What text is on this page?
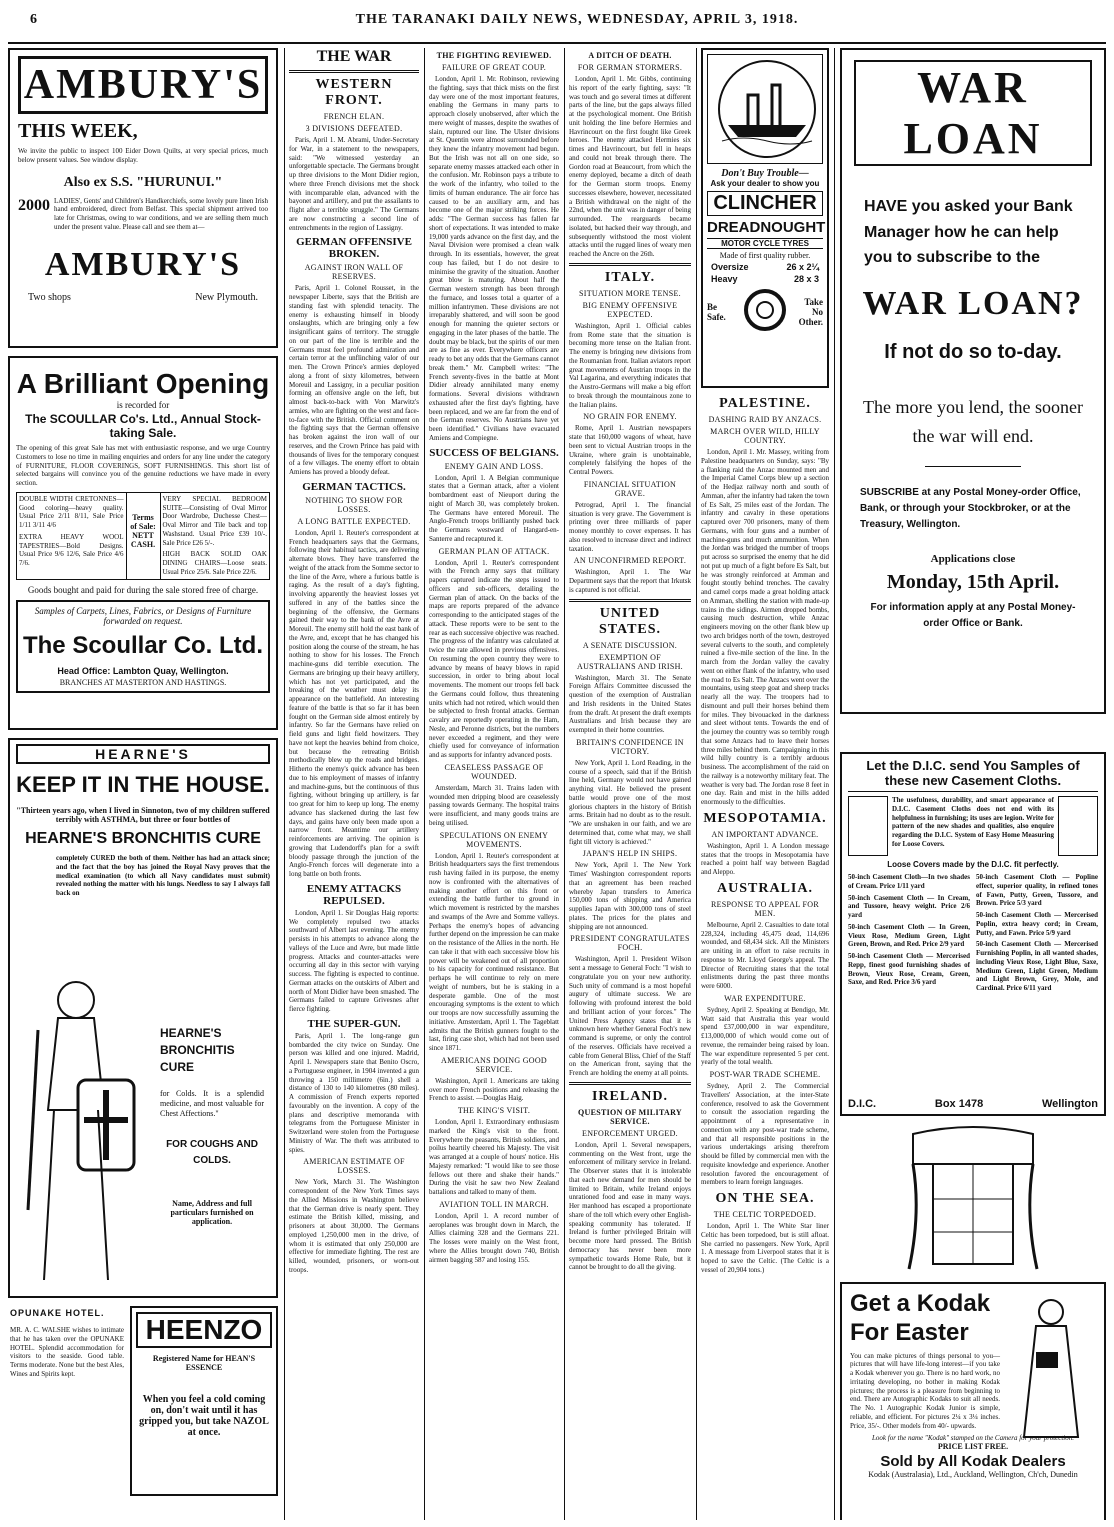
6	THE TARANAKI DAILY NEWS, WEDNESDAY, APRIL 3, 1918.
AMBURY'S
THIS WEEK,
We invite the public to inspect 100 Eider Down Quilts, at very special prices, much below present values. See window display.
Also ex S.S. "HURUNUI."
2000 LADIES', Gents' and Children's Handkerchiefs, some lovely pure linen Irish hand embroidered, direct from Belfast. This special shipment arrived too late for Christmas, owing to war conditions, and we are selling them much under the present value. Please call and see them at—
AMBURY'S
Two shops	New Plymouth.
A Brilliant Opening
is recorded for
The SCOULLAR Co's. Ltd., Annual Stock-taking Sale.
The opening of this great Sale has met with enthusiastic response, and we urge Country Customers to lose no time in mailing enquiries and orders for any line under the category of FURNITURE, FLOOR COVERINGS, SOFT FURNISHINGS. This short list of selected bargains will convince you of the genuine reductions we have made in every section.
DOUBLE WIDTH CRETONNES—Good coloring—heavy quality. Usual Price 2/11 8/11, Sale Price 1/11 3/11 4/6
EXTRA HEAVY WOOL TAPESTRIES—Bold Designs. Usual Price 9/6 12/6, Sale Price 4/6 7/6.
Terms of Sale: NETT CASH.
VERY SPECIAL BEDROOM SUITE—Consisting of Oval Mirror Door Wardrobe, Duchesse Chest—Oval Mirror and Tile back and top Washstand. Usual Price £39 10/-. Sale Price £26 5/-.
HIGH BACK SOLID OAK DINING CHAIRS—Loose seats. Usual Price 25/6. Sale Price 22/6.
Goods bought and paid for during the sale stored free of charge.
Samples of Carpets, Lines, Fabrics, or Designs of Furniture forwarded on request.
The Scoullar Co. Ltd.
Head Office: Lambton Quay, Wellington.
BRANCHES AT MASTERTON AND HASTINGS.
HEARNE'S
KEEP IT IN THE HOUSE.
"Thirteen years ago, when I lived in Sinnoton, two of my children suffered terribly with ASTHMA, but three or four bottles of
HEARNE'S BRONCHITIS CURE
completely CURED the both of them. Neither has had an attack since; and the fact that the boy has joined the Royal Navy proves that the medical examination (to which all Navy candidates must submit) revealed nothing the matter with his lungs. Needless to say I always fall back on
HEARNE'S BRONCHITIS CURE
for Colds. It is a splendid medicine, and most valuable for Chest Affections."
FOR COUGHS AND COLDS.
Name, Address and full particulars furnished on application.
OPUNAKE HOTEL.
MR. A. C. WALSHE wishes to intimate that he has taken over the OPUNAKE HOTEL. Splendid accommodation for visitors to the seaside. Good table. Terms moderate. None but the best Ales, Wines and Spirits kept.
HEENZO
Registered Name for HEAN'S ESSENCE
When you feel a cold coming on, don't wait until it has gripped you, but take NAZOL at once.
THE WAR
WESTERN FRONT.
FRENCH ELAN.
3 DIVISIONS DEFEATED.

Paris, April 1. M. Abrami, Under-Secretary for War, in a statement to the newspapers, said: "We witnessed yesterday an unforgettable spectacle. The Germans brought up three divisions to the Mont Didier region, where three French divisions met the shock with incomparable elan, advanced with the bayonet and artillery, and put the assailants to flight after a terrible struggle." The Germans are now constructing a second line of entrenchments in the region of Lassigny.

GERMAN OFFENSIVE BROKEN.
AGAINST IRON WALL OF RESERVES.

Paris, April 1. Colonel Rousset, in the newspaper Liberte, says that the British are standing fast with splendid tenacity. The enemy is exhausting himself in bloody onslaughts, which are bringing only a few insignificant gains of territory. The struggle on our part of the line is terrible and the Germans must feel profound admiration and certain terror at the unflinching valor of our men. The Crown Prince's armies deployed along a front of sixty kilometres, between Moreuil and Lassigny, in a peculiar position forming an offensive angle on the left, but almost back-to-back with Von Marwitz's armies, who are fighting on the west and face-to-face with the British. Official comment on the fighting says that the German offensive has broken against the iron wall of our reserves, and the Crown Prince has paid with thousands of lives for the temporary conquest of a few villages. The enemy effort to obtain Amiens has proved a bloody defeat.

GERMAN TACTICS.
NOTHING TO SHOW FOR LOSSES.
A LONG BATTLE EXPECTED.

London, April 1. Reuter's correspondent at French headquarters says that the Germans, following their habitual tactics, are delivering alternate blows. They have transferred the weight of the attack from the Somme sector to the line of the Avre, where a furious battle is raging. As the result of a day's fighting, involving apparently the heaviest losses yet suffered in any of the battles since the beginning of the offensive, the Germans gained their way to the bank of the Avre at Moreuil. The enemy still hold the east bank of the Avre, and, except that he has changed his position along the course of the stream, he has nothing to show for his losses. The French machine-guns did terrible execution. The Germans are bringing up their heavy artillery, which has not yet participated, and the breaking of the weather must delay its appearance on the battlefield. An interesting feature of the battle is that so far it has been fought on the German side almost entirely by infantry. So far the Germans have relied on field guns and light field howitzers. They have not kept the heavies behind from choice, but because the retreating British methodically blew up the roads and bridges. Hitherto the enemy's quick advance has been due to his employment of masses of infantry and machine-guns, but the continuous of thus fighting, without bringing up artillery, is far too great for him to keep up long. The enemy advance has slackened during the last few days, and gains have only been made upon a narrow front. Meantime our artillery reinforcements are arriving. The opinion is growing that Ludendorff's plan for a swift bloody passage through the junction of the Anglo-French forces will degenerate into a long battle on both fronts.

ENEMY ATTACKS REPULSED.

London, April 1. Sir Douglas Haig reports: We completely repulsed two attacks southward of Albert last evening. The enemy persists in his attempts to advance along the valleys of the Luce and Avre, but made little progress. Attacks and counter-attacks were occurring all day in this sector with varying success. The fighting is expected to continue. German attacks on the outskirts of Albert and north of Mont Didier have been smashed. The Germans failed to capture Grivesnes after fierce fighting.

THE SUPER-GUN.

Paris, April 1. The long-range gun bombarded the city twice on Sunday. One person was killed and one injured. Madrid, April 1. Newspapers state that Benito Oscro, a Portuguese engineer, in 1904 invented a gun throwing a 150 millimetre (6in.) shell a distance of 130 to 140 kilometres (80 miles). A commission of French experts reported favourably on the invention. A copy of the plans and descriptive memoranda with telegrams from the Portuguese Minister in Switzerland were stolen from the Portuguese Ministry of War. The theft was attributed to spies.

AMERICAN ESTIMATE OF LOSSES.

New York, March 31. The Washington correspondent of the New York Times says the Allied Missions in Washington believe that the German drive is nearly spent. They estimate the British killed, missing, and prisoners at about 30,000. The Germans employed 1,250,000 men in the drive, of whom it is estimated that only 250,000 are effective for immediate fighting. The rest are killed, wounded, prisoners, or worn-out troops.

THE FIGHTING REVIEWED.
FAILURE OF GREAT COUP.

London, April 1. Mr. Robinson, reviewing the fighting, says that thick mists on the first day were one of the most important features, enabling the Germans in many parts to approach closely unobserved, after which the mere weight of masses, despite the swathes of slain, ruptured our line. The Ulster divisions at St. Quentin were almost surrounded before they knew the infantry movement had begun. But the Irish was not all on one side, so separate enemy masses attacked each other in the confusion. Mr. Robinson pays a tribute to the work of the infantry, who toiled to the limits of human endurance. The air force has caused to be an auxiliary arm, and has become one of the major striking forces. He adds: "The German success has fallen far short of expectations. It was intended to make 19,000 yards advance on the first day, and the Naval Division were promised a clean walk through. In its essentials, however, the great coup has failed, but I do not desire to minimise the gravity of the situation. Another great blow is maturing. About half the German western strength has been through the furnace, and losses total a quarter of a million infantrymen. These divisions are not irreparably shattered, and will soon be good enough for manning the quieter sectors or engaging in the later phases of the battle. The doubt may be black, but the spirits of our men are as fine as ever. Everywhere officers are ready to bet any odds that the Germans cannot break them." Mr. Campbell writes: "The French seventy-fives in the battle at Mont Didier already annihilated many enemy formations. Several divisions withdrawn exhausted after the first day's fighting, have been replaced, and we are far from the end of the German reserves. No Austrians have yet been identified." Civilians have evacuated Amiens and Compiegne.

SUCCESS OF BELGIANS.
ENEMY GAIN AND LOSS.

London, April 1. A Belgian communique states that a German attack, after a violent bombardment east of Nieuport during the night of March 30, was completely broken. The Germans have entered Moreuil. The Anglo-French troops brilliantly pushed back the Germans westward of Hangard-en-Santerre and recaptured it.

GERMAN PLAN OF ATTACK.

London, April 1. Reuter's correspondent with the French army says that military papers captured indicate the steps issued to officers and sub-officers, detailing the German plan of attack. On the backs of the maps are reports prepared of the advance corresponding to the anticipated stages of the attack. These reports were to be sent to the rear as each successive objective was reached. The progress of the infantry was calculated at twice the rate allowed in previous offensives. On resuming the open country they were to advance by means of heavy blows in rapid succession, in order to bring about local movements. The moment our troops fell back the Germans could follow, thus threatening units which had not retired, which would then be subjected to fresh frontal attacks. German cavalry are reportedly operating in the Ham, Nesle, and Peronne districts, but the numbers never exceeded a regiment, and they were chiefly used for conveyance of information and as supports for infantry advanced posts.

CEASELESS PASSAGE OF WOUNDED.

Amsterdam, March 31. Trains laden with wounded men dripping blood are ceaselessly passing towards Germany. The hospital trains were insufficient, and many goods trains are being utilised.

SPECULATIONS ON ENEMY MOVEMENTS.

London, April 1. Reuter's correspondent at British headquarters says the first tremendous rush having failed in its purpose, the enemy now is confronted with the alternatives of making another effort on this front or extending the battle further to ground in which movement is restricted by the marshes and swamps of the Avre and Somme valleys. Perhaps the enemy's hopes of advancing further depend on the impression he can make on the resistance of the Allies in the north. He can take it that with each successive blow his power will be weakened out of all proportion to his capacity for continued resistance. But perhaps he will continue to rely on mere weight of numbers, but he is staking in a desperate gamble. One of the most encouraging symptoms is the extent to which our troops are now successfully assuming the initiative. Amsterdam, April 1. The Tageblatt admits that the British gunners fought to the last, firing case shot, which had not been used since 1871.

AMERICANS DOING GOOD SERVICE.

Washington, April 1. Americans are taking over more French positions and releasing the French to assist. —Douglas Haig.

THE KING'S VISIT.

London, April 1. Extraordinary enthusiasm marked the King's visit to the front. Everywhere the peasants, British soldiers, and poilus heartily cheered his Majesty. The visit was arranged at a couple of hours' notice. His Majesty remarked: "I would like to see those fellows out there and shake their hands." During the visit he saw two New Zealand battalions and talked to many of them.

AVIATION TOLL IN MARCH.

London, April 1. A record number of aeroplanes was brought down in March, the Allies claiming 328 and the Germans 221. The losses were mainly on the West front, where the Allies brought down 740, British airmen bagging 587 and losing 155.

A DITCH OF DEATH.
FOR GERMAN STORMERS.

London, April 1. Mr. Gibbs, continuing his report of the early fighting, says: "It was touch and go several times at different parts of the line, but the gaps always filled at the psychological moment. One British unit holding the line before Hermies and Havrincourt on the first fought like Greek heroes. The enemy attacked Hermies six times and Havrincourt, but fell in heaps and could not break through there. The Gordon road at Beaucourt, from which the enemy deployed, became a ditch of death for the German storm troops. Enemy successes elsewhere, however, necessitated a British withdrawal on the night of the 22nd, when the unit was in danger of being surrounded. The rearguards became isolated, but hacked their way through, and subsequently withstood the most violent attacks until the rugged lines of weary men reached the Ancre on the 26th.

ITALY.
SITUATION MORE TENSE.
BIG ENEMY OFFENSIVE EXPECTED.

Washington, April 1. Official cables from Rome state that the situation is becoming more tense on the Italian front. The enemy is bringing new divisions from the Roumanian front. Italian aviators report great movements of Austrian troops in the Val Lagarina, and everything indicates that the Austro-Germans will make a big effort to break through the mountainous zone to the Italian plains.

NO GRAIN FOR ENEMY.

Rome, April 1. Austrian newspapers state that 160,000 wagons of wheat, have been sent to victual Austrian troops in the Ukraine, where grain is unobtainable, completely falsifying the hopes of the Central Powers.

FINANCIAL SITUATION GRAVE.

Petrograd, April 1. The financial situation is very grave. The Government is printing over three milliards of paper money monthly to cover expenses. It has also resolved to increase direct and indirect taxation.

AN UNCONFIRMED REPORT.

Washington, April 1. The War Department says that the report that Irkutsk is captured is not official.

UNITED STATES.
A SENATE DISCUSSION.
EXEMPTION OF AUSTRALIANS AND IRISH.

Washington, March 31. The Senate Foreign Affairs Committee discussed the question of the exemption of Australian and Irish residents in the United States from the draft. At present the draft exempts Australians and Irish because they are exempted in their home countries.

BRITAIN'S CONFIDENCE IN VICTORY.

New York, April 1. Lord Reading, in the course of a speech, said that if the British line held, Germany would not have gained anything vital. He believed the present battle would prove one of the most glorious chapters in the history of British arms. Britain had no doubt as to the result. "We are unshaken in our faith, and we are determined that, come what may, we shall fight till victory is achieved."

JAPAN'S HELP IN SHIPS.

New York, April 1. The New York Times' Washington correspondent reports that an agreement has been reached whereby Japan transfers to America 150,000 tons of shipping and America supplies Japan with 300,000 tons of steel plates. The prices for the plates and shipping are not announced.

PRESIDENT CONGRATULATES FOCH.

Washington, April 1. President Wilson sent a message to General Foch: "I wish to congratulate you on your new authority. Such unity of command is a most hopeful augury of ultimate success. We are following with profound interest the bold and brilliant action of your forces." The United Press Agency states that it is unknown here whether General Foch's new command is supreme, or only the control of the reserves. Officials have received a cable from General Bliss, Chief of the Staff on the American front, saying that the French are holding the enemy at all points.

IRELAND.
QUESTION OF MILITARY SERVICE.
ENFORCEMENT URGED.

London, April 1. Several newspapers, commenting on the West front, urge the enforcement of military service in Ireland. The Observer states that it is intolerable that each new demand for men should be limited to Britain, while Ireland enjoys unrationed food and ease in many ways. Her manhood has escaped a proportionate share of the toll which every other English-speaking community has tolerated. If Ireland is further privileged Britain will become more hard pressed. The British democracy has never been more sympathetic towards Home Rule, but it cannot be brought to do all the giving.

Don't Buy Trouble—
Ask your dealer to show you
CLINCHER
DREADNOUGHT
MOTOR CYCLE TYRES
Made of first quality rubber.
Oversize	26 x 2¼
Heavy	28 x 3
Be Safe.
Take No Other.
PALESTINE.
DASHING RAID BY ANZACS.
MARCH OVER WILD, HILLY COUNTRY.

London, April 1. Mr. Massey, writing from Palestine headquarters on Sunday, says: "By a flanking raid the Anzac mounted men and the Imperial Camel Corps blew up a section of the Hedjaz railway north and south of Amman, after the infantry had taken the town of Es Salt, 25 miles east of the Jordan. The infantry and cavalry in these operations captured over 700 prisoners, many of them Germans, with four guns and a number of machine-guns and much ammunition. When the Jordan was bridged the number of troops put across so surprised the enemy that he did not put up much of a fight before Es Salt, but he was strongly reinforced at Amman and fought stoutly behind trenches. The cavalry and camel corps made a great holding attack on Amman, shelling the station with made-up trains in the sidings. Airmen dropped bombs, causing much destruction, while Anzac engineers moving on the other flank blew up two arch bridges north of the town, destroyed several culverts to the south, and completely ruined a five-mile section of the line. In the march from the Jordan valley the cavalry went on either flank of the infantry, who used the road to Es Salt. The Anzacs went over the mountains, using steep goat and sheep tracks nearly all the way. The troopers had to dismount and pull their horses behind them for miles. They bivouacked in the darkness and sleet without tents. Towards the end of the journey the country was so terribly rough that some Anzacs had to leave their horses three miles behind them. Campaigning in this wild hilly country is a terribly arduous business. The accomplishment of the raid on the railway is a noteworthy military feat. The weather is very bad. The Jordan rose 8 feet in one day. Rain and mist in the hills added enormously to the difficulties.

MESOPOTAMIA.
AN IMPORTANT ADVANCE.

Washington, April 1. A London message states that the troops in Mesopotamia have reached a point half way between Bagdad and Aleppo.

AUSTRALIA.
RESPONSE TO APPEAL FOR MEN.

Melbourne, April 2. Casualties to date total 228,324, including 45,475 dead, 114,696 wounded, and 68,434 sick. All the Ministers are uniting in an effort to raise recruits in response to Mr. Lloyd George's appeal. The Director of Recruiting states that the total enlistments during the past three months were 6000.

WAR EXPENDITURE.

Sydney, April 2. Speaking at Bendigo, Mr. Watt said that Australia this year would spend £37,000,000 in war expenditure, £13,000,000 of which would come out of revenue, the remainder being raised by loan. The war expenditure represented 5 per cent. yearly of the total wealth.

POST-WAR TRADE SCHEME.

Sydney, April 2. The Commercial Travellers' Association, at the inter-State conference, resolved to ask the Government to consult the association regarding the appointment of a representative in connection with any post-war trade scheme, and that all responsible positions in the various undertakings arising therefrom should be filled by commercial men with the requisite knowledge and experience. Another resolution favored the encouragement of members to learn foreign languages.

ON THE SEA.
THE CELTIC TORPEDOED.

London, April 1. The White Star liner Celtic has been torpedoed, but is still afloat. She carried no passengers. New York, April 1. A message from Liverpool states that it is hoped to save the Celtic. (The Celtic is a vessel of 20,904 tons.)

WAR LOAN
HAVE you asked your Bank Manager how he can help you to subscribe to the
WAR LOAN?
If not do so to-day.
The more you lend, the sooner the war will end.
SUBSCRIBE at any Postal Money-order Office, Bank, or through your Stockbroker, or at the Treasury, Wellington.
Applications close
Monday, 15th April.
For information apply at any Postal Money-order Office or Bank.
Let the D.I.C. send You Samples of these new Casement Cloths.
The usefulness, durability, and smart appearance of D.I.C. Casement Cloths does not end with its helpfulness in furnishing; its uses are legion. Write for pattern of the new shades and qualities, also enquire regarding the D.I.C. System of Easy Home Measuring for Loose Covers.
Loose Covers made by the D.I.C. fit perfectly.
50-inch Casement Cloth—In two shades of Cream. Price 1/11 yard
50-inch Casement Cloth — In Cream, and Tussore, heavy weight. Price 2/6 yard
50-inch Casement Cloth — In Green, Vieux Rose, Medium Green, Light Green, Brown, and Red. Price 2/9 yard
50-inch Casement Cloth — Mercerised Repp, finest good furnishing shades of Brown, Vieux Rose, Cream, Green, Saxe, and Red. Price 3/6 yard
50-inch Casement Cloth — Popline effect, superior quality, in refined tones of Fawn, Putty, Green, Tussore, and Brown. Price 5/3 yard
50-inch Casement Cloth — Mercerised Poplin, extra heavy cord; in Cream, Putty, and Fawn. Price 5/9 yard
50-inch Casement Cloth — Mercerised Furnishing Poplin, in all wanted shades, including Vieux Rose, Light Blue, Saxe, Medium Green, Light Green, Medium and Light Brown, Grey, Mole, and Cardinal. Price 6/11 yard
D.I.C.	Box 1478	Wellington
Get a Kodak For Easter
You can make pictures of things personal to you—pictures that will have life-long interest—if you take a Kodak wherever you go. There is no hard work, no irritating developing, no bother in making Kodak pictures; the process is a pleasure from beginning to end. There are Autographic Kodaks to suit all needs. The No. 1 Autographic Kodak Junior is simple, reliable, and efficient. For pictures 2¼ x 3¼ inches. Price, 35/-. Other models from 40/- upwards.
Look for the name "Kodak" stamped on the Camera for your protection.
PRICE LIST FREE.
Sold by All Kodak Dealers
Kodak (Australasia), Ltd., Auckland, Wellington, Ch'ch, Dunedin
